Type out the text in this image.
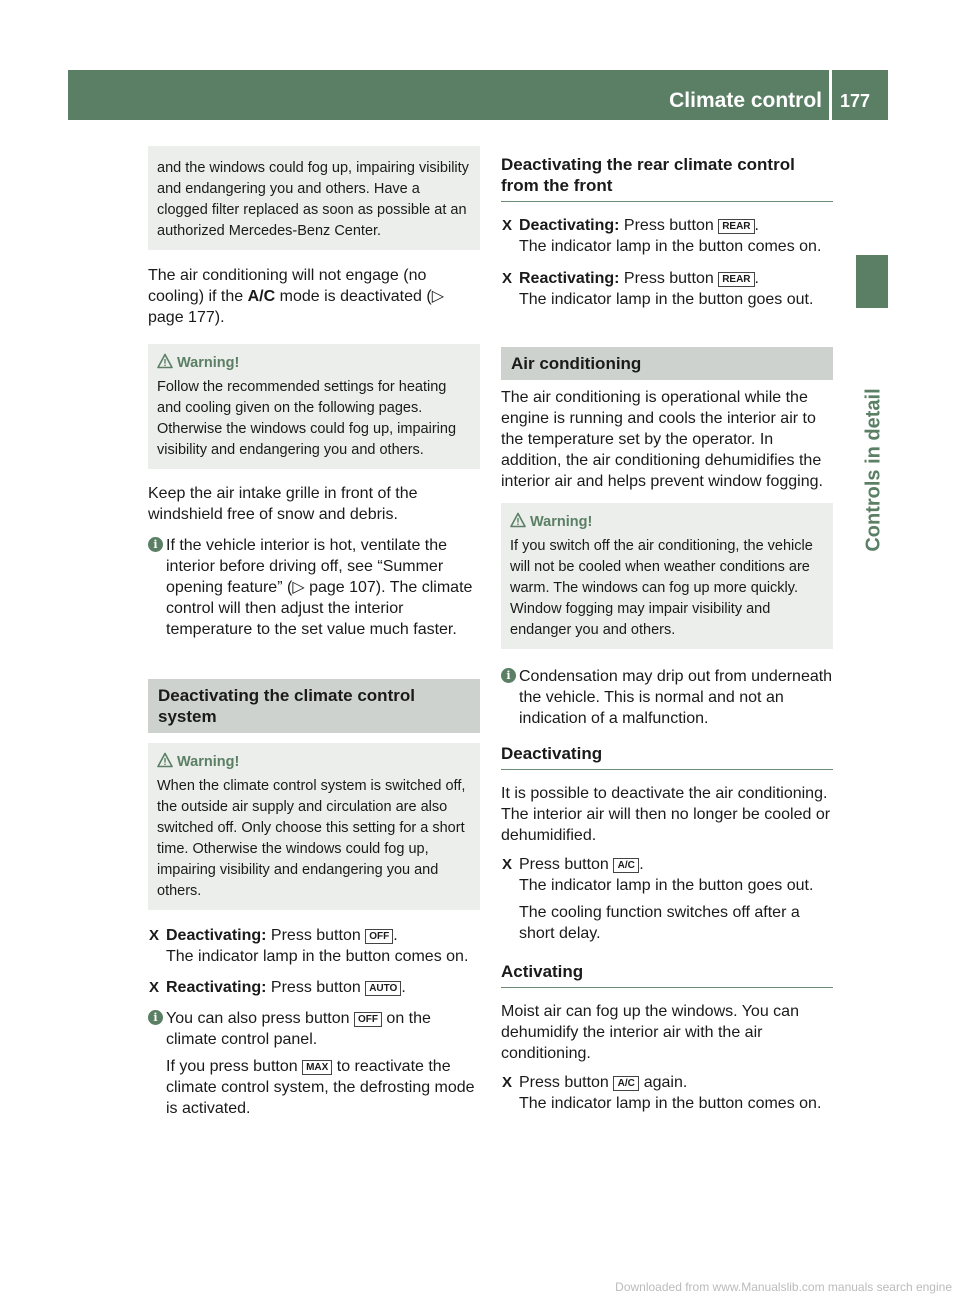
Climate control 177
Controls in detail

and the windows could fog up, impairing visibility and endangering you and others. Have a clogged filter replaced as soon as possible at an authorized Mercedes-Benz Center.

The air conditioning will not engage (no cooling) if the A/C mode is deactivated (▷ page 177).

Warning!

Follow the recommended settings for heating and cooling given on the following pages. Otherwise the windows could fog up, impairing visibility and endangering you and others.

Keep the air intake grille in front of the windshield free of snow and debris.

i If the vehicle interior is hot, ventilate the interior before driving off, see “Summer opening feature” (▷ page 107). The climate control will then adjust the interior temperature to the set value much faster.

Deactivating the climate control system
Warning!

When the climate control system is switched off, the outside air supply and circulation are also switched off. Only choose this setting for a short time. Otherwise the windows could fog up, impairing visibility and endangering you and others.

X Deactivating: Press button OFF .

The indicator lamp in the button comes on.

X Reactivating: Press button AUTO .

i You can also press button OFF on the climate control panel.

If you press button MAX to reactivate the climate control system, the defrosting mode is activated.

Deactivating the rear climate control from the front
X Deactivating: Press button REAR .

The indicator lamp in the button comes on.

X Reactivating: Press button REAR .

The indicator lamp in the button goes out.

Air conditioning

The air conditioning is operational while the engine is running and cools the interior air to the temperature set by the operator. In addition, the air conditioning dehumidifies the interior air and helps prevent window fogging.

Warning!

If you switch off the air conditioning, the vehicle will not be cooled when weather conditions are warm. The windows can fog up more quickly. Window fogging may impair visibility and endanger you and others.

i Condensation may drip out from underneath the vehicle. This is normal and not an indication of a malfunction.

Deactivating

It is possible to deactivate the air conditioning. The interior air will then no longer be cooled or dehumidified.

X Press button A/C .

The indicator lamp in the button goes out.

The cooling function switches off after a short delay.

Activating

Moist air can fog up the windows. You can dehumidify the interior air with the air conditioning.

X Press button A/C again.

The indicator lamp in the button comes on.

Downloaded from www.Manualslib.com manuals search engine
